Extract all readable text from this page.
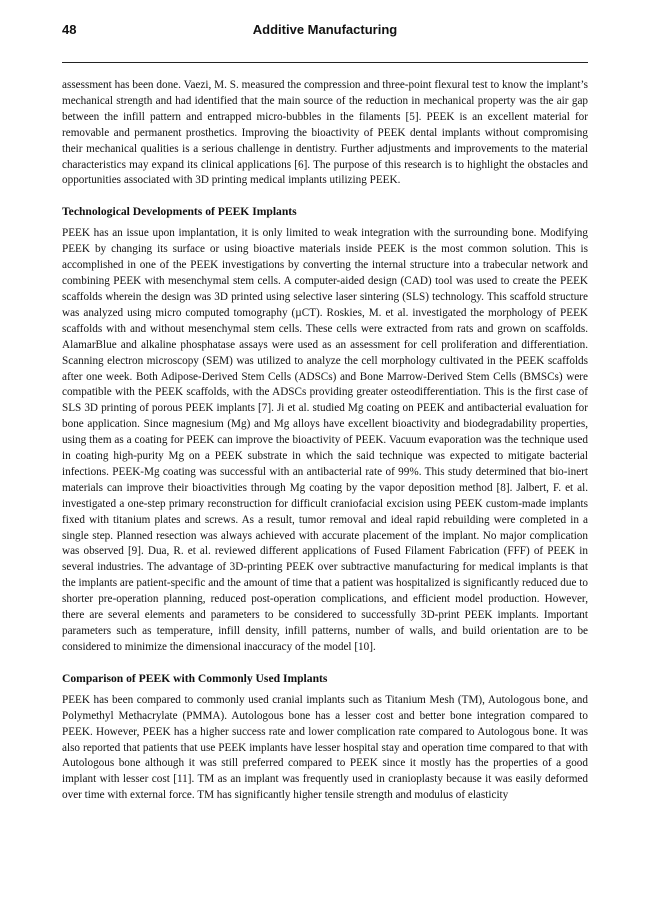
48	Additive Manufacturing

assessment has been done. Vaezi, M. S. measured the compression and three-point flexural test to know the implant’s mechanical strength and had identified that the main source of the reduction in mechanical property was the air gap between the infill pattern and entrapped micro-bubbles in the filaments [5]. PEEK is an excellent material for removable and permanent prosthetics. Improving the bioactivity of PEEK dental implants without compromising their mechanical qualities is a serious challenge in dentistry. Further adjustments and improvements to the material characteristics may expand its clinical applications [6]. The purpose of this research is to highlight the obstacles and opportunities associated with 3D printing medical implants utilizing PEEK.

Technological Developments of PEEK Implants

PEEK has an issue upon implantation, it is only limited to weak integration with the surrounding bone. Modifying PEEK by changing its surface or using bioactive materials inside PEEK is the most common solution. This is accomplished in one of the PEEK investigations by converting the internal structure into a trabecular network and combining PEEK with mesenchymal stem cells. A computer-aided design (CAD) tool was used to create the PEEK scaffolds wherein the design was 3D printed using selective laser sintering (SLS) technology. This scaffold structure was analyzed using micro computed tomography (µCT). Roskies, M. et al. investigated the morphology of PEEK scaffolds with and without mesenchymal stem cells. These cells were extracted from rats and grown on scaffolds. AlamarBlue and alkaline phosphatase assays were used as an assessment for cell proliferation and differentiation. Scanning electron microscopy (SEM) was utilized to analyze the cell morphology cultivated in the PEEK scaffolds after one week. Both Adipose-Derived Stem Cells (ADSCs) and Bone Marrow-Derived Stem Cells (BMSCs) were compatible with the PEEK scaffolds, with the ADSCs providing greater osteodifferentiation. This is the first case of SLS 3D printing of porous PEEK implants [7]. Ji et al. studied Mg coating on PEEK and antibacterial evaluation for bone application. Since magnesium (Mg) and Mg alloys have excellent bioactivity and biodegradability properties, using them as a coating for PEEK can improve the bioactivity of PEEK. Vacuum evaporation was the technique used in coating high-purity Mg on a PEEK substrate in which the said technique was expected to mitigate bacterial infections. PEEK-Mg coating was successful with an antibacterial rate of 99%. This study determined that bio-inert materials can improve their bioactivities through Mg coating by the vapor deposition method [8]. Jalbert, F. et al. investigated a one-step primary reconstruction for difficult craniofacial excision using PEEK custom-made implants fixed with titanium plates and screws. As a result, tumor removal and ideal rapid rebuilding were completed in a single step. Planned resection was always achieved with accurate placement of the implant. No major complication was observed [9]. Dua, R. et al. reviewed different applications of Fused Filament Fabrication (FFF) of PEEK in several industries. The advantage of 3D-printing PEEK over subtractive manufacturing for medical implants is that the implants are patient-specific and the amount of time that a patient was hospitalized is significantly reduced due to shorter pre-operation planning, reduced post-operation complications, and efficient model production. However, there are several elements and parameters to be considered to successfully 3D-print PEEK implants. Important parameters such as temperature, infill density, infill patterns, number of walls, and build orientation are to be considered to minimize the dimensional inaccuracy of the model [10].

Comparison of PEEK with Commonly Used Implants

PEEK has been compared to commonly used cranial implants such as Titanium Mesh (TM), Autologous bone, and Polymethyl Methacrylate (PMMA). Autologous bone has a lesser cost and better bone integration compared to PEEK. However, PEEK has a higher success rate and lower complication rate compared to Autologous bone. It was also reported that patients that use PEEK implants have lesser hospital stay and operation time compared to that with Autologous bone although it was still preferred compared to PEEK since it mostly has the properties of a good implant with lesser cost [11]. TM as an implant was frequently used in cranioplasty because it was easily deformed over time with external force. TM has significantly higher tensile strength and modulus of elasticity
